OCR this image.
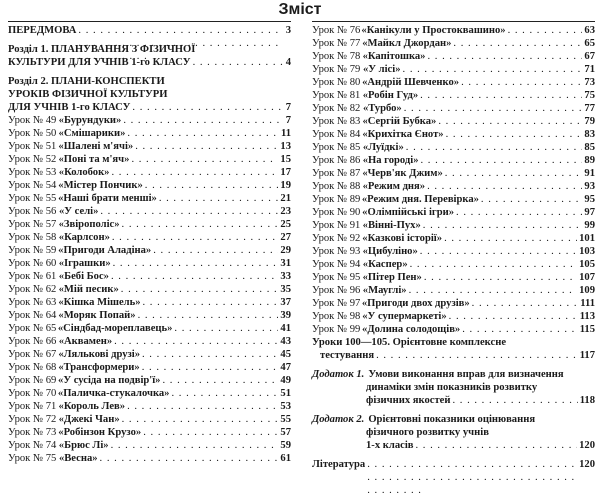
Зміст
ПЕРЕДМОВА . . .	3
Розділ 1. ПЛАНУВАННЯ З ФІЗИЧНОЇ
КУЛЬТУРИ ДЛЯ УЧНІВ 1-го КЛАСУ . . .	4
Розділ 2. ПЛАНИ-КОНСПЕКТИ
УРОКІВ ФІЗИЧНОЇ КУЛЬТУРИ
ДЛЯ УЧНІВ 1-го КЛАСУ . . .	7
Урок № 49 «Бурундуки» . . .	7
Урок № 50 «Смішарики» . . .	11
Урок № 51 «Шалені м'ячі» . . .	13
Урок № 52 «Поні та м'яч» . . .	15
Урок № 53 «Колобок» . . .	17
Урок № 54 «Містер Пончик» . . .	19
Урок № 55 «Наші брати менші» . . .	21
Урок № 56 «У селі» . . .	23
Урок № 57 «Звірополіс» . . .	25
Урок № 58 «Карлсон» . . .	27
Урок № 59 «Пригоди Аладіна» . . .	29
Урок № 60 «Іграшки» . . .	31
Урок № 61 «Бебі Бос» . . .	33
Урок № 62 «Мій песик» . . .	35
Урок № 63 «Кішка Мішель» . . .	37
Урок № 64 «Моряк Попай» . . .	39
Урок № 65 «Сіндбад-мореплавець» . . .	41
Урок № 66 «Аквамен» . . .	43
Урок № 67 «Лялькові друзі» . . .	45
Урок № 68 «Трансформери» . . .	47
Урок № 69 «У сусіда на подвір'ї» . . .	49
Урок № 70 «Паличка-стукалочка» . . .	51
Урок № 71 «Король Лев» . . .	53
Урок № 72 «Джекі Чан» . . .	55
Урок № 73 «Робінзон Крузо» . . .	57
Урок № 74 «Брюс Лі» . . .	59
Урок № 75 «Весна» . . .	61
Урок № 76 «Канікули у Простоквашино» . . .	63
Урок № 77 «Майкл Джордан» . . .	65
Урок № 78 «Капітошка» . . .	67
Урок № 79 «У лісі» . . .	71
Урок № 80 «Андрій Шевченко» . . .	73
Урок № 81 «Робін Гуд» . . .	75
Урок № 82 «Турбо» . . .	77
Урок № 83 «Сергій Бубка» . . .	79
Урок № 84 «Крихітка Єнот» . . .	83
Урок № 85 «Луїдкі» . . .	85
Урок № 86 «На городі» . . .	89
Урок № 87 «Черв'як Джим» . . .	91
Урок № 88 «Режим дня» . . .	93
Урок № 89 «Режим дня. Перевірка» . . .	95
Урок № 90 «Олімпійські ігри» . . .	97
Урок № 91 «Вінні-Пух» . . .	99
Урок № 92 «Казкові історії» . . .	101
Урок № 93 «Цибуліно» . . .	103
Урок № 94 «Каспер» . . .	105
Урок № 95 «Пітер Пен» . . .	107
Урок № 96 «Мауглі» . . .	109
Урок № 97 «Пригоди двох друзів» . . .	111
Урок № 98 «У супермаркеті» . . .	113
Урок № 99 «Долина солодощів» . . .	115
Уроки 100—105. Орієнтовне комплексне
тестування . . .	117
Додаток 1. Умови виконання вправ для визначення
динаміки змін показників розвитку
фізичних якостей . . .	118
Додаток 2. Орієнтовні показники оцінювання
фізичного розвитку учнів
1-х класів . . .	120
Література . . .	120
